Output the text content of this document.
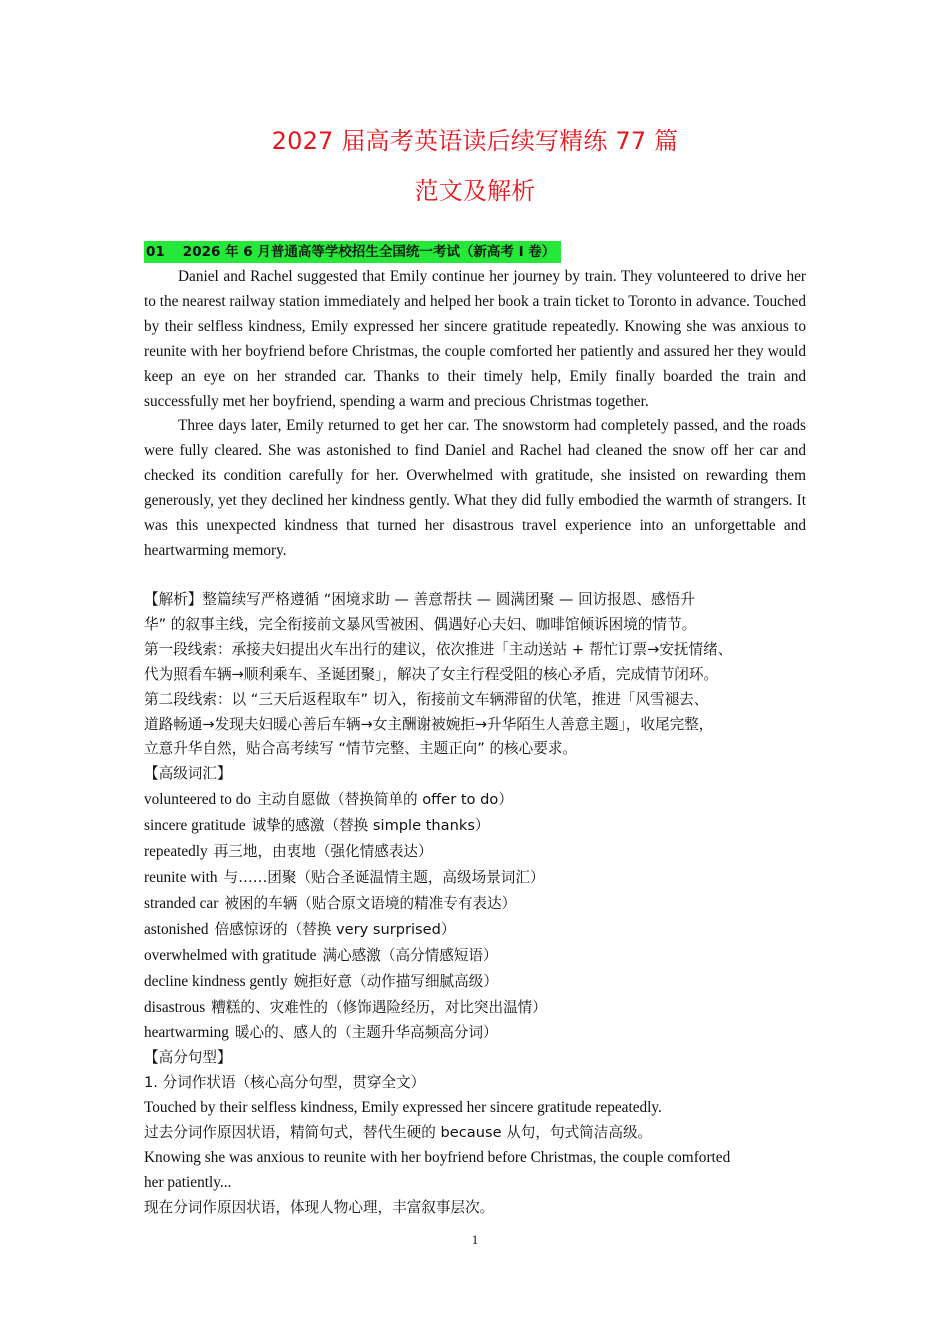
2027 届高考英语读后续写精练 77 篇
范文及解析
01 2026 年 6 月普通高等学校招生全国统一考试（新高考 I 卷）

Daniel and Rachel suggested that Emily continue her journey by train. They volunteered to drive her to the nearest railway station immediately and helped her book a train ticket to Toronto in advance. Touched by their selfless kindness, Emily expressed her sincere gratitude repeatedly. Knowing she was anxious to reunite with her boyfriend before Christmas, the couple comforted her patiently and assured her they would keep an eye on her stranded car. Thanks to their timely help, Emily finally boarded the train and successfully met her boyfriend, spending a warm and precious Christmas together.

Three days later, Emily returned to get her car. The snowstorm had completely passed, and the roads were fully cleared. She was astonished to find Daniel and Rachel had cleaned the snow off her car and checked its condition carefully for her. Overwhelmed with gratitude, she insisted on rewarding them generously, yet they declined her kindness gently. What they did fully embodied the warmth of strangers. It was this unexpected kindness that turned her disastrous travel experience into an unforgettable and heartwarming memory.

【解析】整篇续写严格遵循 “困境求助 — 善意帮扶 — 圆满团聚 — 回访报恩、感悟升
华” 的叙事主线，完全衔接前文暴风雪被困、偶遇好心夫妇、咖啡馆倾诉困境的情节。
第一段线索：承接夫妇提出火车出行的建议，依次推进「主动送站 + 帮忙订票→安抚情绪、
代为照看车辆→顺利乘车、圣诞团聚」，解决了女主行程受阻的核心矛盾，完成情节闭环。
第二段线索：以 “三天后返程取车” 切入，衔接前文车辆滞留的伏笔，推进「风雪褪去、
道路畅通→发现夫妇暖心善后车辆→女主酬谢被婉拒→升华陌生人善意主题」，收尾完整，
立意升华自然，贴合高考续写 “情节完整、主题正向” 的核心要求。
【高级词汇】
volunteered to do 主动自愿做（替换简单的 offer to do）
sincere gratitude 诚挚的感激（替换 simple thanks）
repeatedly 再三地，由衷地（强化情感表达）
reunite with 与……团聚（贴合圣诞温情主题，高级场景词汇）
stranded car 被困的车辆（贴合原文语境的精准专有表达）
astonished 倍感惊讶的（替换 very surprised）
overwhelmed with gratitude 满心感激（高分情感短语）
decline kindness gently 婉拒好意（动作描写细腻高级）
disastrous 糟糕的、灾难性的（修饰遇险经历，对比突出温情）
heartwarming 暖心的、感人的（主题升华高频高分词）
【高分句型】
1. 分词作状语（核心高分句型，贯穿全文）
Touched by their selfless kindness, Emily expressed her sincere gratitude repeatedly.
过去分词作原因状语，精简句式，替代生硬的 because 从句，句式简洁高级。
Knowing she was anxious to reunite with her boyfriend before Christmas, the couple comforted
her patiently...
现在分词作原因状语，体现人物心理，丰富叙事层次。
1
